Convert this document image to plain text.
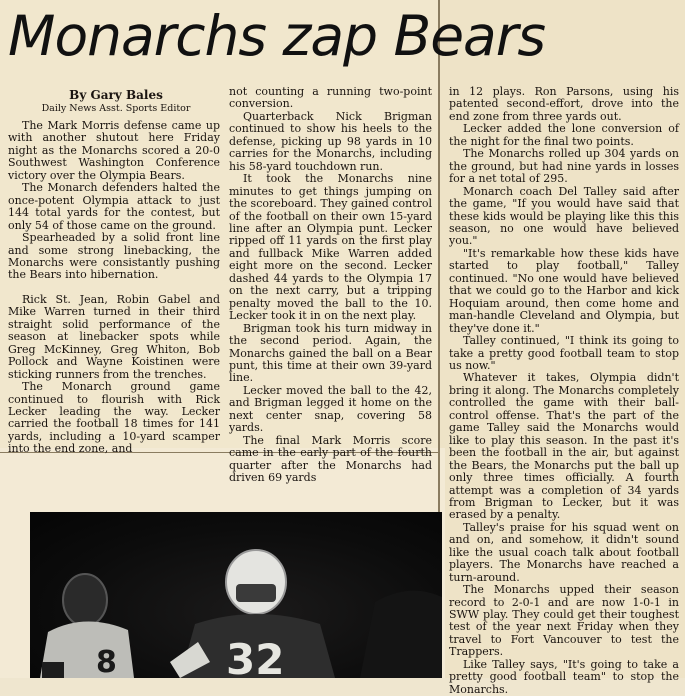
Monarchs zap Bears
By Gary Bales
Daily News Asst. Sports Editor

The Mark Morris defense came up with another shutout here Friday night as the Monarchs scored a 20-0 Southwest Washington Conference victory over the Olympia Bears.

The Monarch defenders halted the once-potent Olympia attack to just 144 total yards for the contest, but only 54 of those came on the ground.

Spearheaded by a solid front line and some strong linebacking, the Monarchs were consistantly pushing the Bears into hibernation.

Rick St. Jean, Robin Gabel and Mike Warren turned in their third straight solid performance of the season at linebacker spots while Greg McKinney, Greg Whiton, Bob Pollock and Wayne Koistinen were sticking runners from the trenches.

The Monarch ground game continued to flourish with Rick Lecker leading the way. Lecker carried the football 18 times for 141 yards, including a 10-yard scamper into the end zone, and

not counting a running two-point conversion.

Quarterback Nick Brigman continued to show his heels to the defense, picking up 98 yards in 10 carries for the Monarchs, including his 58-yard touchdown run.

It took the Monarchs nine minutes to get things jumping on the scoreboard. They gained control of the football on their own 15-yard line after an Olympia punt. Lecker ripped off 11 yards on the first play and fullback Mike Warren added eight more on the second. Lecker dashed 44 yards to the Olympia 17 on the next carry, but a tripping penalty moved the ball to the 10. Lecker took it in on the next play.

Brigman took his turn midway in the second period. Again, the Monarchs gained the ball on a Bear punt, this time at their own 39-yard line.

Lecker moved the ball to the 42, and Brigman legged it home on the next center snap, covering 58 yards.

The final Mark Morris score came in the early part of the fourth quarter after the Monarchs had driven 69 yards

in 12 plays. Ron Parsons, using his patented second-effort, drove into the end zone from three yards out.

Lecker added the lone conversion of the night for the final two points.

The Monarchs rolled up 304 yards on the ground, but had nine yards in losses for a net total of 295.

Monarch coach Del Talley said after the game, "If you would have said that these kids would be playing like this this season, no one would have believed you."

"It's remarkable how these kids have started to play football," Talley continued. "No one would have believed that we could go to the Harbor and kick Hoquiam around, then come home and man-handle Cleveland and Olympia, but they've done it."

Talley continued, "I think its going to take a pretty good football team to stop us now."

Whatever it takes, Olympia didn't bring it along. The Monarchs completely controlled the game with their ball-control offense. That's the part of the game Talley said the Monarchs would like to play this season. In the past it's been the football in the air, but against the Bears, the Monarchs put the ball up only three times officially. A fourth attempt was a completion of 34 yards from Brigman to Lecker, but it was erased by a penalty.

Talley's praise for his squad went on and on, and somehow, it didn't sound like the usual coach talk about football players. The Monarchs have reached a turn-around.

The Monarchs upped their season record to 2-0-1 and are now 1-0-1 in SWW play. They could get their toughest test of the year next Friday when they travel to Fort Vancouver to test the Trappers.

Like Talley says, "It's going to take a pretty good football team" to stop the Monarchs.

8	32
